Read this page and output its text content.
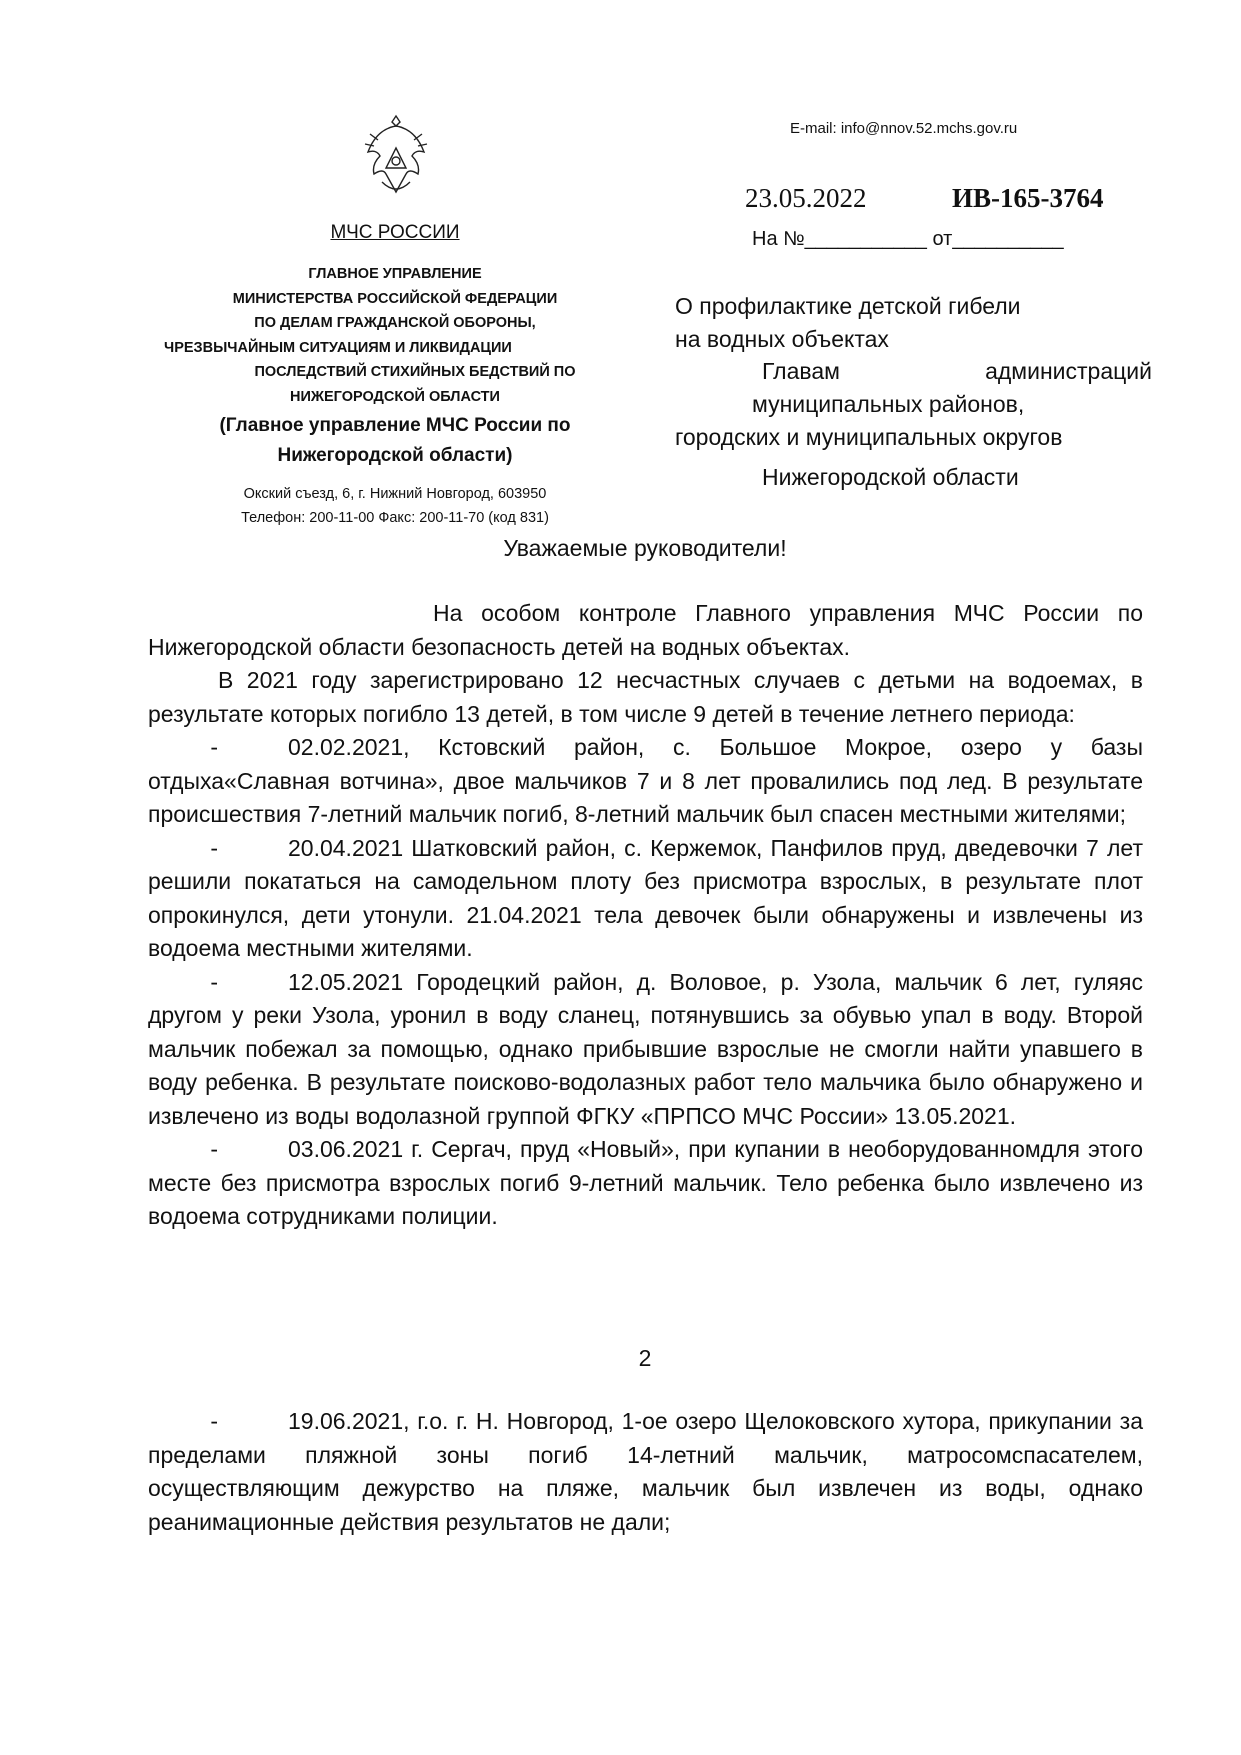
МЧС РОССИИ
ГЛАВНОЕ УПРАВЛЕНИЕ
МИНИСТЕРСТВА РОССИЙСКОЙ ФЕДЕРАЦИИ
ПО ДЕЛАМ ГРАЖДАНСКОЙ ОБОРОНЫ,
ЧРЕЗВЫЧАЙНЫМ СИТУАЦИЯМ И ЛИКВИДАЦИИ
ПОСЛЕДСТВИЙ СТИХИЙНЫХ БЕДСТВИЙ ПО
НИЖЕГОРОДСКОЙ ОБЛАСТИ
(Главное управление МЧС России по
Нижегородской области)
Окский съезд, 6, г. Нижний Новгород, 603950
Телефон: 200-11-00 Факс: 200-11-70 (код 831)
E-mail: info@nnov.52.mchs.gov.ru
23.05.2022	ИВ-165-3764
На №___________ от__________
О профилактике детской гибели
на водных объектах
Главам	администраций
муниципальных районов,
городских и муниципальных округов
Нижегородской области
Уважаемые руководители!

На особом контроле Главного управления МЧС России по Нижегородской области безопасность детей на водных объектах.

В 2021 году зарегистрировано 12 несчастных случаев с детьми на водоемах, в результате которых погибло 13 детей, в том числе 9 детей в течение летнего периода:

-	02.02.2021, Кстовский район, с. Большое Мокрое, озеро у базы отдыха«Славная вотчина», двое мальчиков 7 и 8 лет провалились под лед. В результате происшествия 7-летний мальчик погиб, 8-летний мальчик был спасен местными жителями;

-	20.04.2021 Шатковский район, с. Кержемок, Панфилов пруд, дведевочки 7 лет решили покататься на самодельном плоту без присмотра взрослых, в результате плот опрокинулся, дети утонули. 21.04.2021 тела девочек были обнаружены и извлечены из водоема местными жителями.

-	12.05.2021 Городецкий район, д. Воловое, р. Узола, мальчик 6 лет, гуляяс другом у реки Узола, уронил в воду сланец, потянувшись за обувью упал в воду. Второй мальчик побежал за помощью, однако прибывшие взрослые не смогли найти упавшего в воду ребенка. В результате поисково-водолазных работ тело мальчика было обнаружено и извлечено из воды водолазной группой ФГКУ «ПРПСО МЧС России» 13.05.2021.

-	03.06.2021 г. Сергач, пруд «Новый», при купании в необорудованномдля этого месте без присмотра взрослых погиб 9-летний мальчик. Тело ребенка было извлечено из водоема сотрудниками полиции.

2

-	19.06.2021, г.о. г. Н. Новгород, 1-ое озеро Щелоковского хутора, прикупании за пределами пляжной зоны погиб 14-летний мальчик, матросомспасателем, осуществляющим дежурство на пляже, мальчик был извлечен из воды, однако реанимационные действия результатов не дали;
